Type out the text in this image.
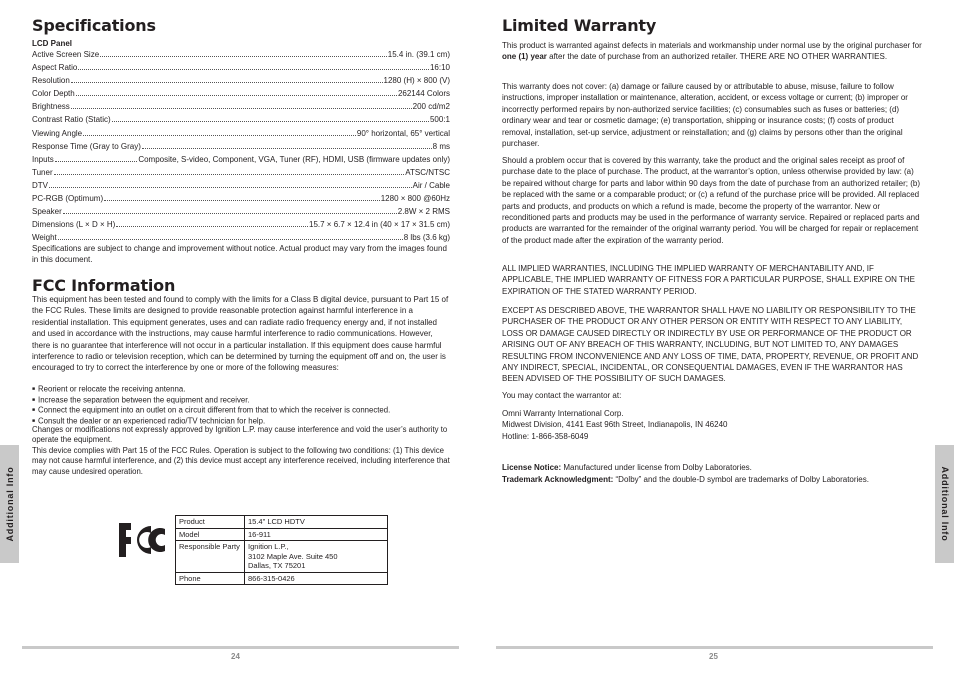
Specifications
LCD Panel
Active Screen Size	15.4 in. (39.1 cm)
Aspect Ratio	16:10
Resolution	1280 (H) × 800 (V)
Color Depth	262144 Colors
Brightness	200 cd/m2
Contrast Ratio (Static)	500:1
Viewing Angle	90° horizontal, 65° vertical
Response Time (Gray to Gray)	8 ms
Inputs	Composite, S-video, Component, VGA, Tuner (RF), HDMI, USB (firmware updates only)
Tuner	ATSC/NTSC
DTV	Air / Cable
PC-RGB (Optimum)	1280 × 800 @60Hz
Speaker	2.8W × 2 RMS
Dimensions (L × D × H)	15.7 × 6.7 × 12.4 in (40 × 17 × 31.5 cm)
Weight	8 lbs (3.6 kg)
Specifications are subject to change and improvement without notice. Actual product may vary from the images found in this document.
FCC Information
This equipment has been tested and found to comply with the limits for a Class B digital device, pursuant to Part 15 of the FCC Rules. These limits are designed to provide reasonable protection against harmful interference in a residential installation. This equipment generates, uses and can radiate radio frequency energy and, if not installed and used in accordance with the instructions, may cause harmful interference to radio communications. However, there is no guarantee that interference will not occur in a particular installation. If this equipment does cause harmful interference to radio or television reception, which can be determined by turning the equipment off and on, the user is encouraged to try to correct the interference by one or more of the following measures:
■ Reorient or relocate the receiving antenna.
■ Increase the separation between the equipment and receiver.
■ Connect the equipment into an outlet on a circuit different from that to which the receiver is connected.
■ Consult the dealer or an experienced radio/TV technician for help.
Changes or modifications not expressly approved by Ignition L.P. may cause interference and void the user’s authority to operate the equipment.
This device complies with Part 15 of the FCC Rules. Operation is subject to the following two conditions: (1) This device may not cause harmful interference, and (2) this device must accept any interference received, including interference that may cause undesired operation.
Product	15.4" LCD HDTV
Model	16-911
Responsible Party	Ignition L.P.,
3102 Maple Ave. Suite 450
Dallas, TX 75201

Phone	866-315-0426
Additional Info
24
Limited Warranty
This product is warranted against defects in materials and workmanship under normal use by the original purchaser for one (1) year after the date of purchase from an authorized retailer. THERE ARE NO OTHER WARRANTIES.
This warranty does not cover: (a) damage or failure caused by or attributable to abuse, misuse, failure to follow instructions, improper installation or maintenance, alteration, accident, or excess voltage or current; (b) improper or incorrectly performed repairs by non-authorized service facilities; (c) consumables such as fuses or batteries; (d) ordinary wear and tear or cosmetic damage; (e) transportation, shipping or insurance costs; (f) costs of product removal, installation, set-up service, adjustment or reinstallation; and (g) claims by persons other than the original purchaser.
Should a problem occur that is covered by this warranty, take the product and the original sales receipt as proof of purchase date to the place of purchase. The product, at the warrantor’s option, unless otherwise provided by law: (a) be repaired without charge for parts and labor within 90 days from the date of purchase from an authorized retailer; (b) be replaced with the same or a comparable product; or (c) a refund of the purchase price will be provided. All replaced parts and products, and products on which a refund is made, become the property of the warrantor. New or reconditioned parts and products may be used in the performance of warranty service. Repaired or replaced parts and products are warranted for the remainder of the original warranty period. You will be charged for repair or replacement of the product made after the expiration of the warranty period.
ALL IMPLIED WARRANTIES, INCLUDING THE IMPLIED WARRANTY OF MERCHANTABILITY AND, IF APPLICABLE, THE IMPLIED WARRANTY OF FITNESS FOR A PARTICULAR PURPOSE, SHALL EXPIRE ON THE EXPIRATION OF THE STATED WARRANTY PERIOD.
EXCEPT AS DESCRIBED ABOVE, THE WARRANTOR SHALL HAVE NO LIABILITY OR RESPONSIBILITY TO THE PURCHASER OF THE PRODUCT OR ANY OTHER PERSON OR ENTITY WITH RESPECT TO ANY LIABILITY, LOSS OR DAMAGE CAUSED DIRECTLY OR INDIRECTLY BY USE OR PERFORMANCE OF THE PRODUCT OR ARISING OUT OF ANY BREACH OF THIS WARRANTY, INCLUDING, BUT NOT LIMITED TO, ANY DAMAGES RESULTING FROM INCONVENIENCE AND ANY LOSS OF TIME, DATA, PROPERTY, REVENUE, OR PROFIT AND ANY INDIRECT, SPECIAL, INCIDENTAL, OR CONSEQUENTIAL DAMAGES, EVEN IF THE WARRANTOR HAS BEEN ADVISED OF THE POSSIBILITY OF SUCH DAMAGES.
You may contact the warrantor at:
Omni Warranty International Corp.
Midwest Division, 4141 East 96th Street, Indianapolis, IN 46240
Hotline: 1-866-358-6049
License Notice: Manufactured under license from Dolby Laboratories.
Trademark Acknowledgment: “Dolby” and the double-D symbol are trademarks of Dolby Laboratories.	Additional Info
25
